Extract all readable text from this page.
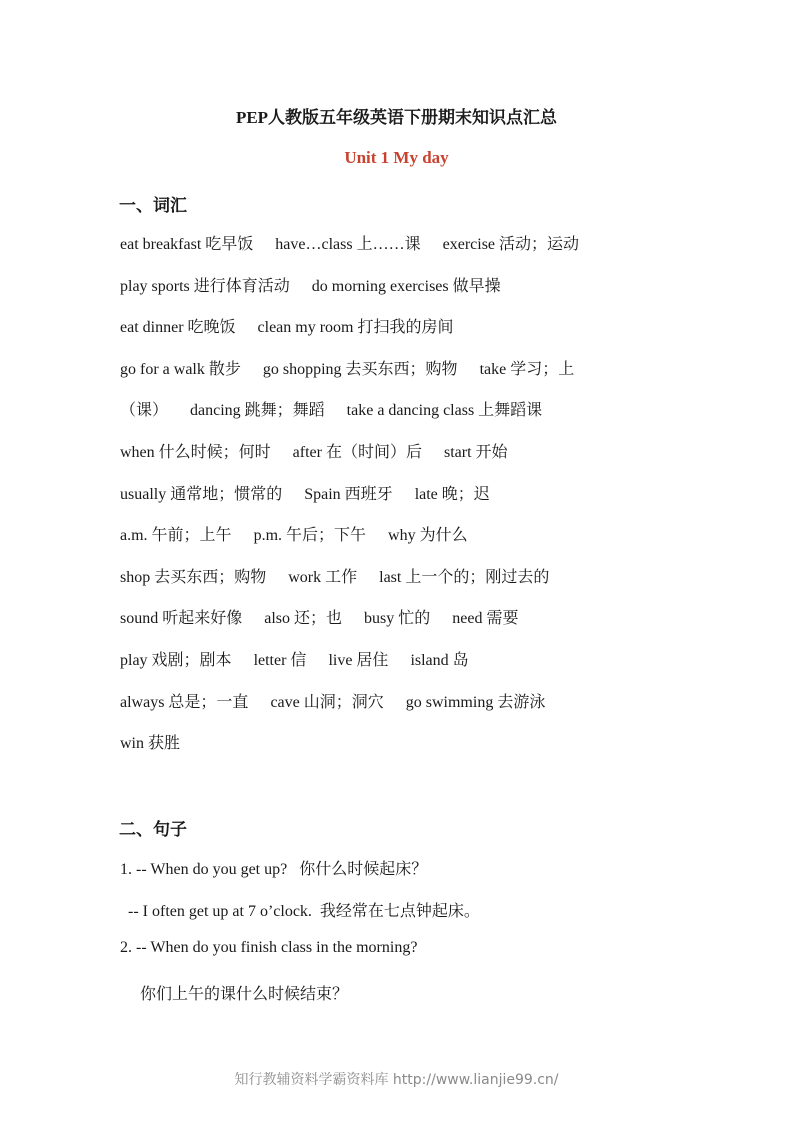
PEP人教版五年级英语下册期末知识点汇总
Unit 1 My day
一、词汇
eat breakfast 吃早饭 have…class 上……课 exercise 活动；运动
play sports 进行体育活动 do morning exercises 做早操
eat dinner 吃晚饭 clean my room 打扫我的房间
go for a walk 散步 go shopping 去买东西；购物 take 学习；上
（课） dancing 跳舞；舞蹈 take a dancing class 上舞蹈课
when 什么时候；何时 after 在（时间）后 start 开始
usually 通常地；惯常的 Spain 西班牙 late 晚；迟
a.m. 午前；上午 p.m. 午后；下午 why 为什么
shop 去买东西；购物 work 工作 last 上一个的；刚过去的
sound 听起来好像 also 还；也 busy 忙的 need 需要
play 戏剧；剧本 letter 信 live 居住 island 岛
always 总是；一直 cave 山洞；洞穴 go swimming 去游泳
win 获胜
二、句子
1. -- When do you get up?   你什么时候起床？
-- I often get up at 7 o’clock.  我经常在七点钟起床。
2. -- When do you finish class in the morning?
你们上午的课什么时候结束？
知行教辅资料学霸资料库 http://www.lianjie99.cn/
